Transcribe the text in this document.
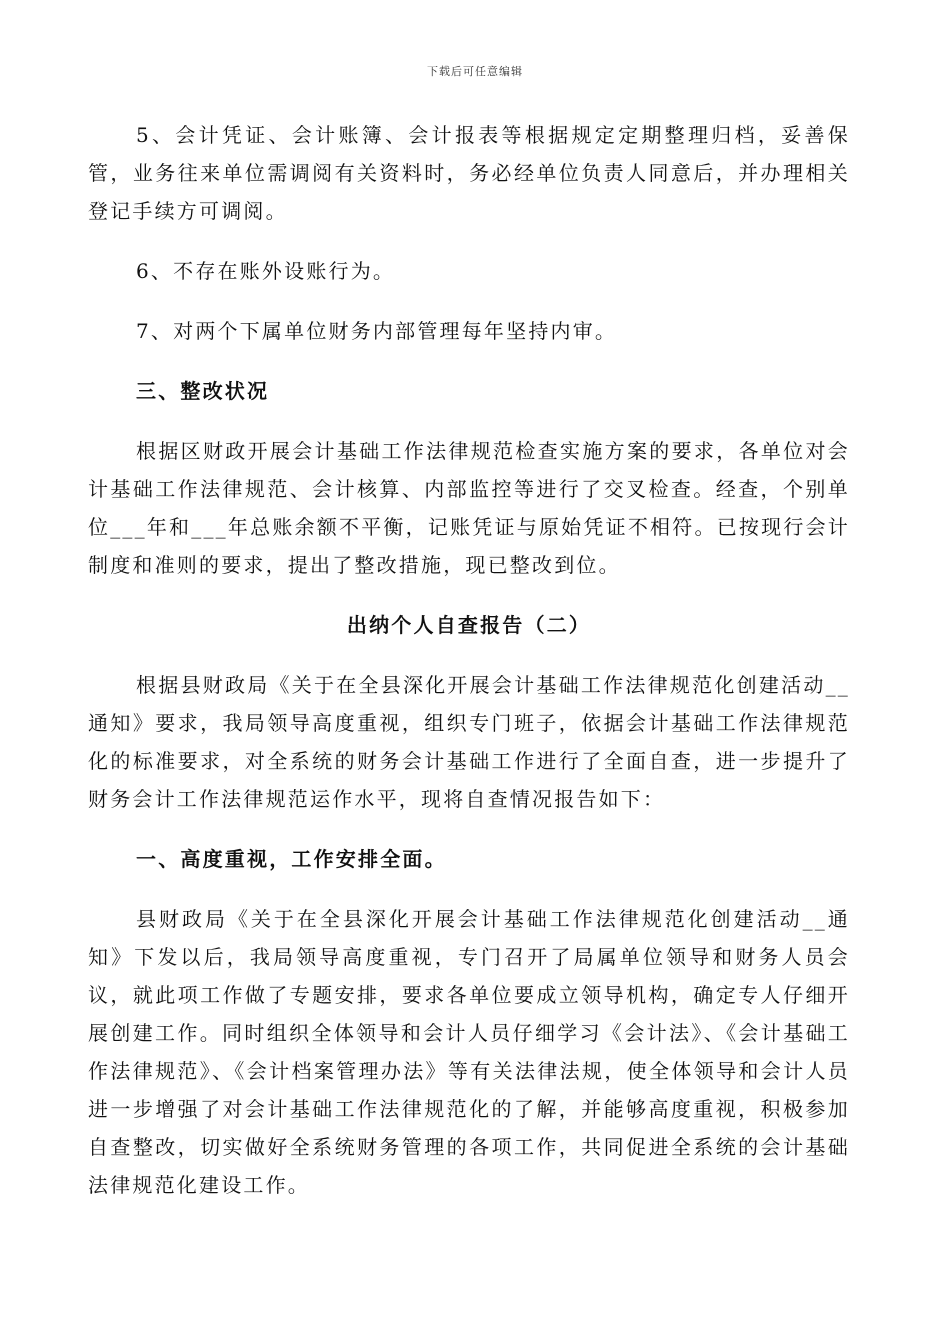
下载后可任意编辑

5、会计凭证、会计账簿、会计报表等根据规定定期整理归档，妥善保管，业务往来单位需调阅有关资料时，务必经单位负责人同意后，并办理相关登记手续方可调阅。

6、不存在账外设账行为。

7、对两个下属单位财务内部管理每年坚持内审。

三、整改状况

根据区财政开展会计基础工作法律规范检查实施方案的要求，各单位对会计基础工作法律规范、会计核算、内部监控等进行了交叉检查。经查，个别单位___年和___年总账余额不平衡，记账凭证与原始凭证不相符。已按现行会计制度和准则的要求，提出了整改措施，现已整改到位。

出纳个人自查报告（二）

根据县财政局《关于在全县深化开展会计基础工作法律规范化创建活动__通知》要求，我局领导高度重视，组织专门班子，依据会计基础工作法律规范化的标准要求，对全系统的财务会计基础工作进行了全面自查，进一步提升了财务会计工作法律规范运作水平，现将自查情况报告如下：

一、高度重视，工作安排全面。

县财政局《关于在全县深化开展会计基础工作法律规范化创建活动__通知》下发以后，我局领导高度重视，专门召开了局属单位领导和财务人员会议，就此项工作做了专题安排，要求各单位要成立领导机构，确定专人仔细开展创建工作。同时组织全体领导和会计人员仔细学习《会计法》、《会计基础工作法律规范》、《会计档案管理办法》等有关法律法规，使全体领导和会计人员进一步增强了对会计基础工作法律规范化的了解，并能够高度重视，积极参加自查整改，切实做好全系统财务管理的各项工作，共同促进全系统的会计基础法律规范化建设工作。
